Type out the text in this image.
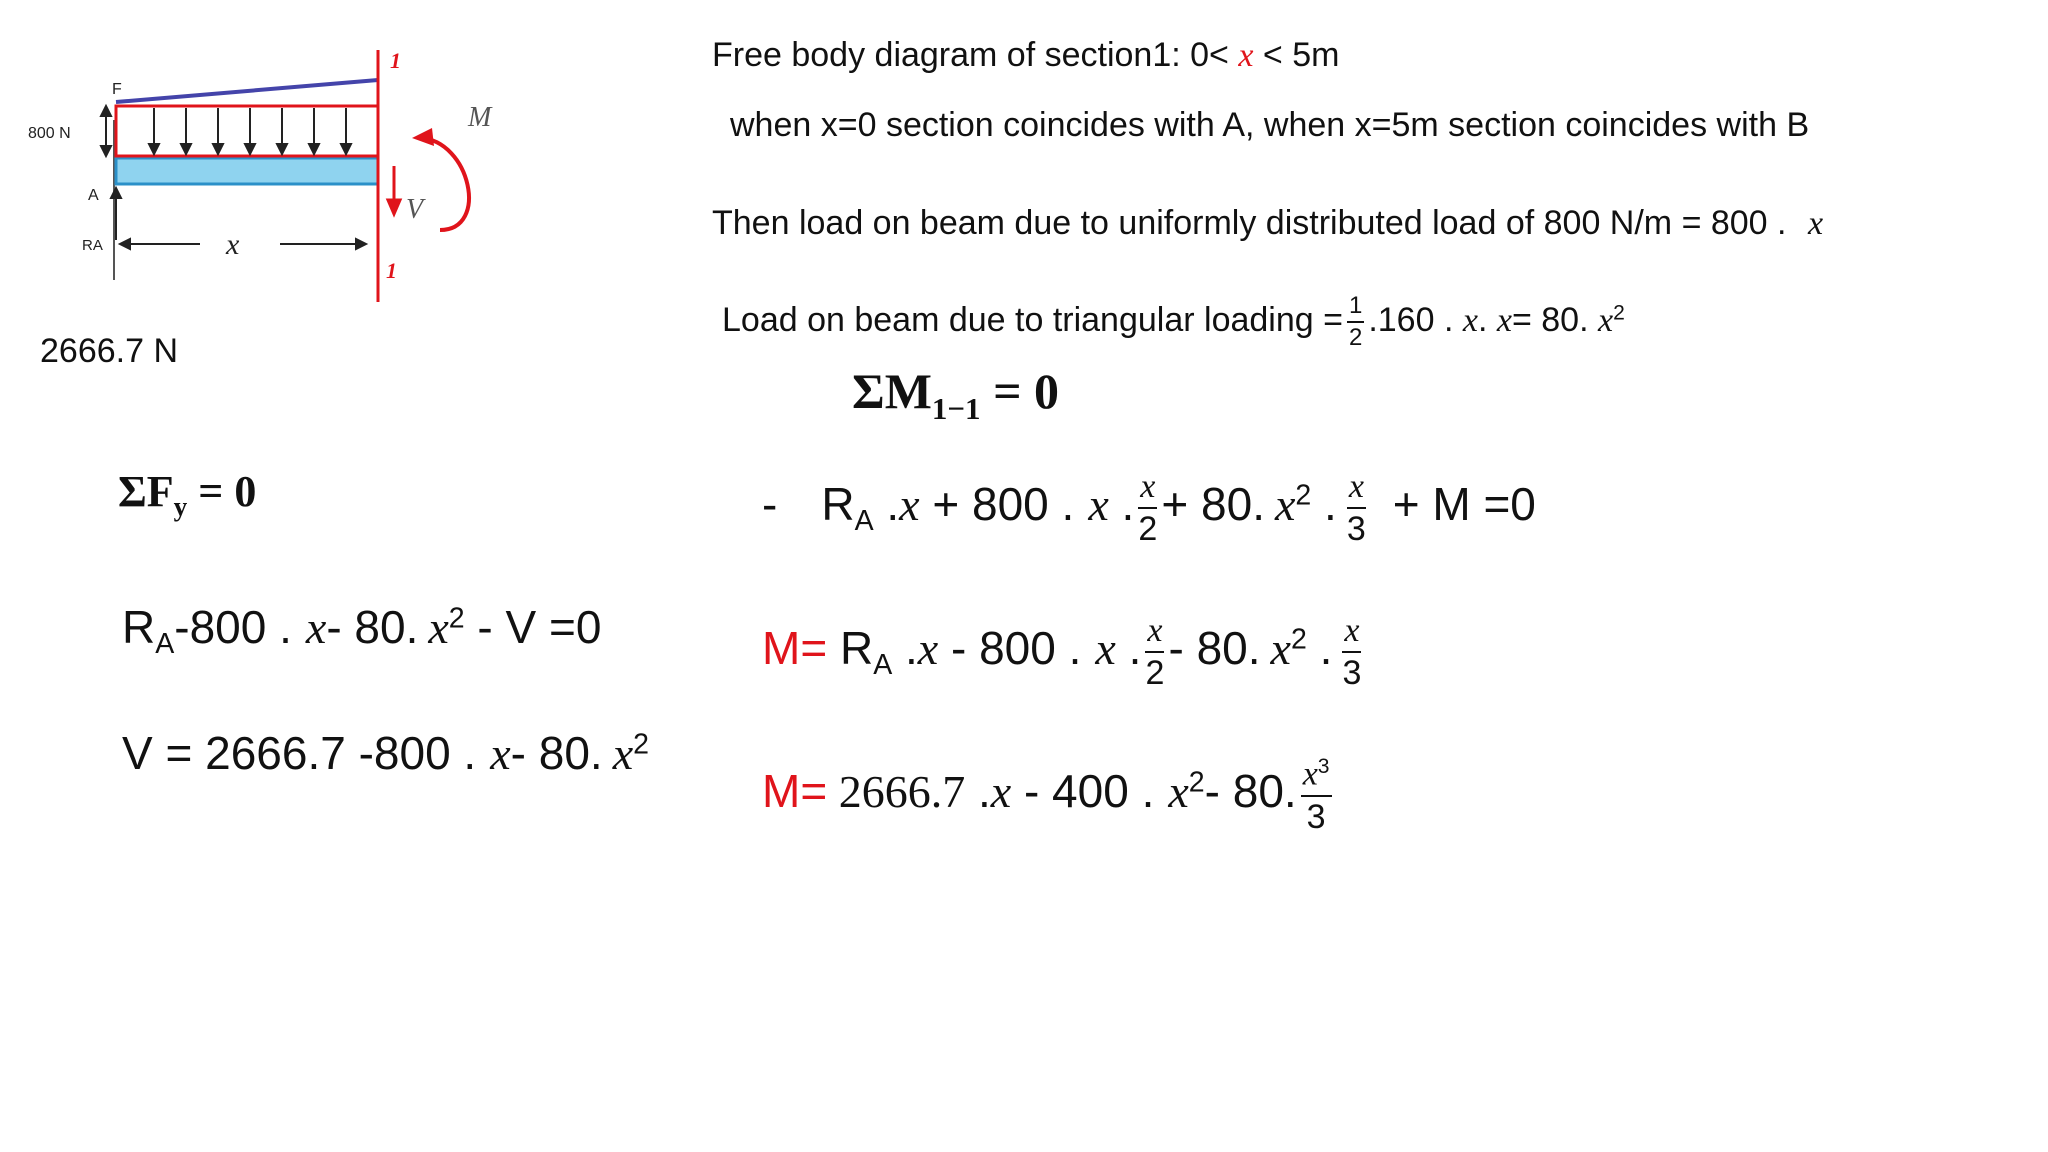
F
800 N
A
RA	x
M
V
1
1
2666.7 N
Free body diagram of section1: 0< x < 5m
when x=0 section coincides with A, when x=5m section coincides with B
Then load on beam due to uniformly distributed load of 800 N/m = 800 . x
Load on beam due to triangular loading = $\frac{1}{2} .160$ . x. x= 80. $x^2$
$\Sigma M_{1-1} = 0$
$\Sigma F_y = 0$	- $R_A$ .x + 800 . x . $\frac{x}{2} + 80$. $x^2$ . $\frac{x}{3} + M =0$
$M= R_A$ .x - 800 . x . $\frac{x}{2} - 80$. $x^2$ . $\frac{x}{3}$
M= 2666.7 .x - 400 . $x^2-$ 80. $\frac{x^3}{3}$
$R_A-800$ . x- 80. $x^2 - V =0$
V = 2666.7 -800 . x- 80. $x^2$
